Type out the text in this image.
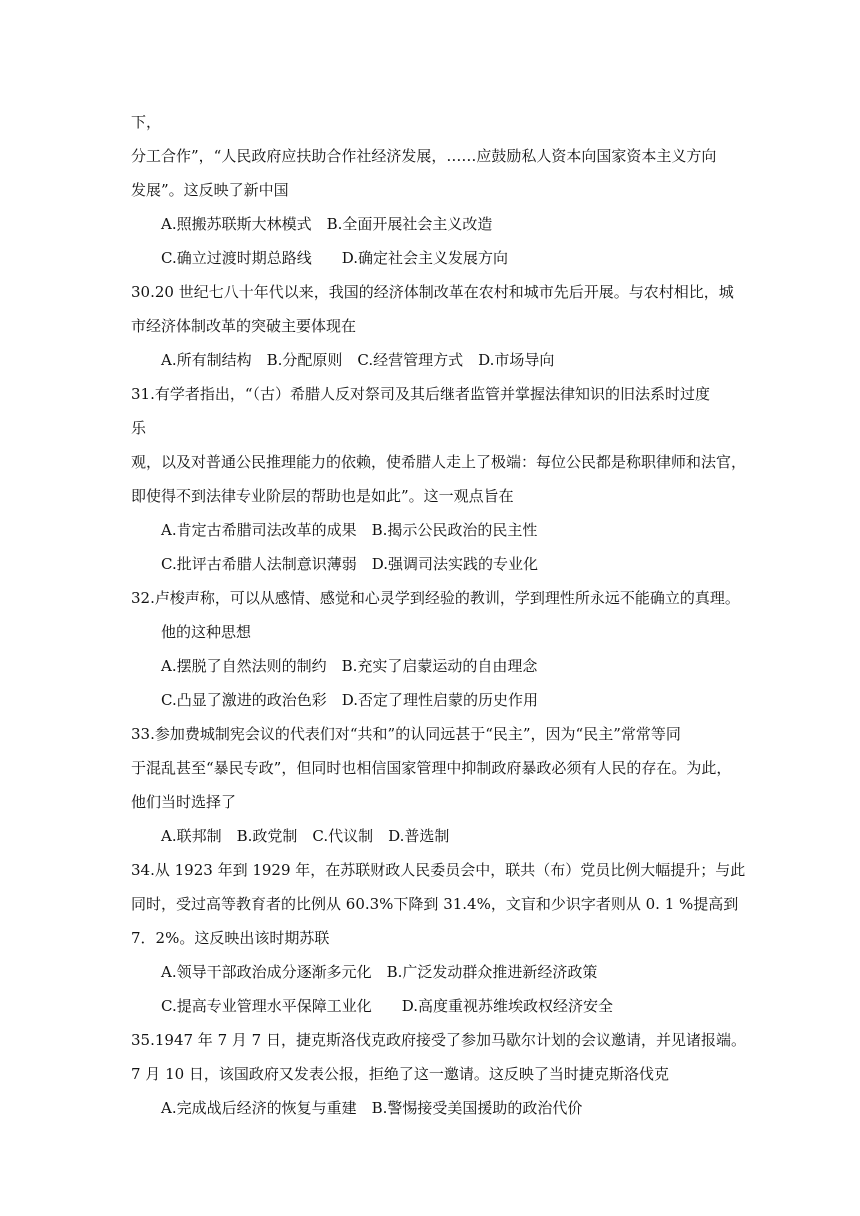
下，
分工合作”，“人民政府应扶助合作社经济发展，……应鼓励私人资本向国家资本主义方向
发展”。这反映了新中国
A.照搬苏联斯大林模式　B.全面开展社会主义改造
C.确立过渡时期总路线　　D.确定社会主义发展方向
30.20 世纪七八十年代以来，我国的经济体制改革在农村和城市先后开展。与农村相比，城
市经济体制改革的突破主要体现在
A.所有制结构　B.分配原则　C.经营管理方式　D.市场导向
31.有学者指出，“（古）希腊人反对祭司及其后继者监管并掌握法律知识的旧法系时过度
乐
观，以及对普通公民推理能力的依赖，使希腊人走上了极端：每位公民都是称职律师和法官，
即使得不到法律专业阶层的帮助也是如此”。这一观点旨在
A.肯定古希腊司法改革的成果　B.揭示公民政治的民主性
C.批评古希腊人法制意识薄弱　D.强调司法实践的专业化
32.卢梭声称，可以从感情、感觉和心灵学到经验的教训，学到理性所永远不能确立的真理。
他的这种思想
A.摆脱了自然法则的制约　B.充实了启蒙运动的自由理念
C.凸显了激进的政治色彩　D.否定了理性启蒙的历史作用
33.参加费城制宪会议的代表们对“共和”的认同远甚于“民主”，因为“民主”常常等同
于混乱甚至“暴民专政”，但同时也相信国家管理中抑制政府暴政必须有人民的存在。为此，
他们当时选择了
A.联邦制　B.政党制　C.代议制　D.普选制
34.从 1923 年到 1929 年，在苏联财政人民委员会中，联共（布）党员比例大幅提升；与此
同时，受过高等教育者的比例从 60.3%下降到 31.4%，文盲和少识字者则从 0. 1 %提高到
7．2%。这反映出该时期苏联
A.领导干部政治成分逐渐多元化　B.广泛发动群众推进新经济政策
C.提高专业管理水平保障工业化　　D.高度重视苏维埃政权经济安全
35.1947 年 7 月 7 日，捷克斯洛伐克政府接受了参加马歇尔计划的会议邀请，并见诸报端。
7 月 10 日，该国政府又发表公报，拒绝了这一邀请。这反映了当时捷克斯洛伐克
A.完成战后经济的恢复与重建　B.警惕接受美国援助的政治代价
